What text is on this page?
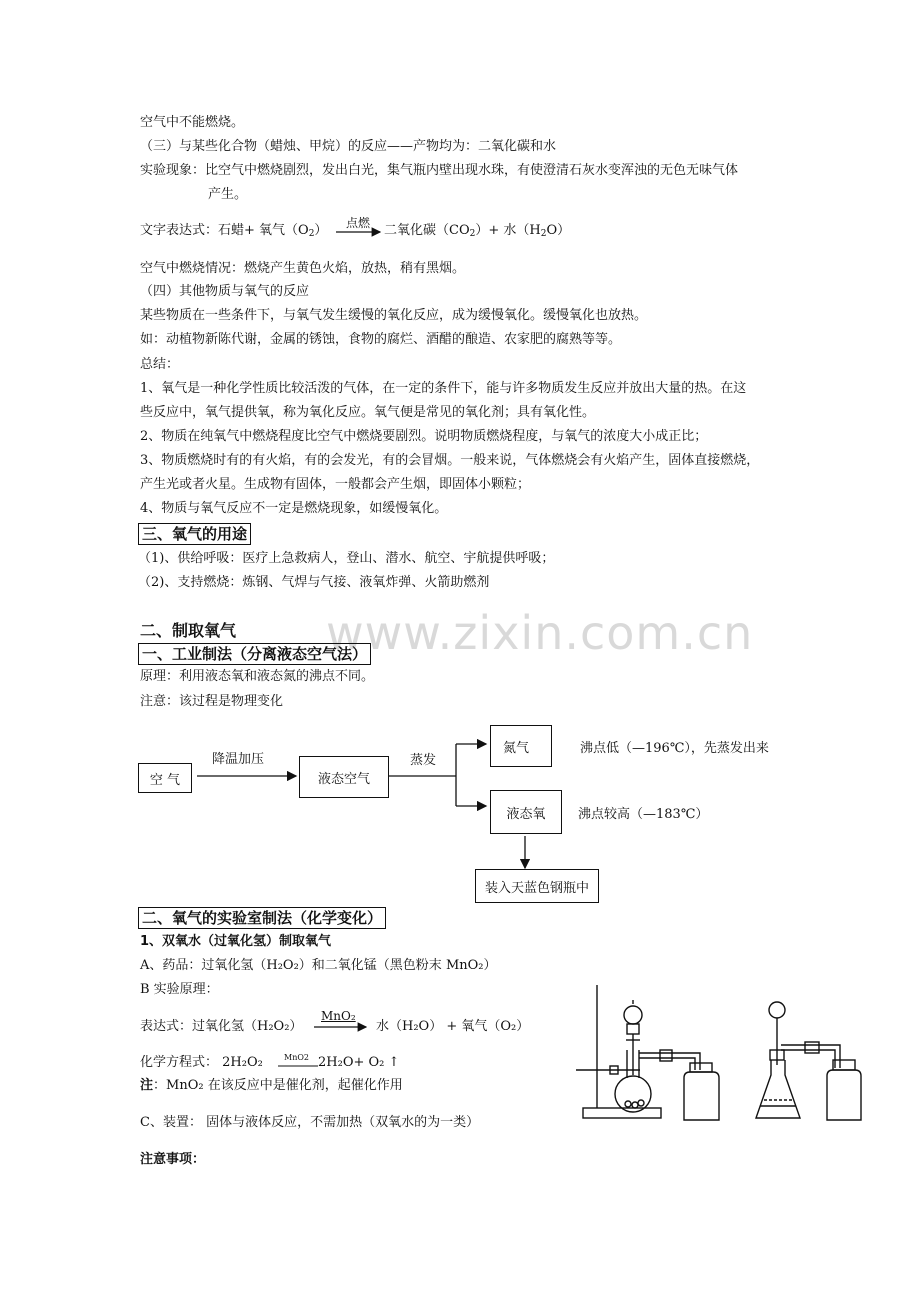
www.zixin.com.cn
空气中不能燃烧。
（三）与某些化合物（蜡烛、甲烷）的反应——产物均为：二氧化碳和水
实验现象：比空气中燃烧剧烈，发出白光，集气瓶内壁出现水珠，有使澄清石灰水变浑浊的无色无味气体
产生。
文字表达式：石蜡+ 氧气$(O_2)$ 点燃 二氧化碳$(CO_2)+$ 水$(H_2O)$
空气中燃烧情况：燃烧产生黄色火焰，放热，稍有黑烟。
（四）其他物质与氧气的反应
某些物质在一些条件下，与氧气发生缓慢的氧化反应，成为缓慢氧化。缓慢氧化也放热。
如：动植物新陈代谢，金属的锈蚀，食物的腐烂、酒醋的酿造、农家肥的腐熟等等。
总结：
1、氧气是一种化学性质比较活泼的气体，在一定的条件下，能与许多物质发生反应并放出大量的热。在这
些反应中，氧气提供氧，称为氧化反应。氧气便是常见的氧化剂；具有氧化性。
2、物质在纯氧气中燃烧程度比空气中燃烧要剧烈。说明物质燃烧程度，与氧气的浓度大小成正比；
3、物质燃烧时有的有火焰，有的会发光，有的会冒烟。一般来说，气体燃烧会有火焰产生，固体直接燃烧，
产生光或者火星。生成物有固体，一般都会产生烟，即固体小颗粒；
4、物质与氧气反应不一定是燃烧现象，如缓慢氧化。
三、氧气的用途
（1)、供给呼吸：医疗上急救病人，登山、潜水、航空、宇航提供呼吸；
（2)、支持燃烧：炼钢、气焊与气接、液氧炸弹、火箭助燃剂
二、制取氧气
一、工业制法（分离液态空气法）
原理：利用液态氧和液态氮的沸点不同。
注意：该过程是物理变化
空 气
降温加压
液态空气
蒸发
氮气	沸点低（—196℃），先蒸发出来
液态氧	沸点较高（—183℃）
装入天蓝色钢瓶中
二、氧气的实验室制法（化学变化）
1、双氧水（过氧化氢）制取氧气
A、药品：过氧化氢（H₂O₂）和二氧化锰（黑色粉末 MnO₂）
B 实验原理：
表达式：过氧化氢（H₂O₂）
MnO₂
水（H₂O） + 氧气（O₂）
化学方程式： 2H₂O₂	MnO2 2H₂O+ O₂ ↑
注：MnO₂ 在该反应中是催化剂，起催化作用
C、装置： 固体与液体反应，不需加热（双氧水的为一类）
注意事项：
